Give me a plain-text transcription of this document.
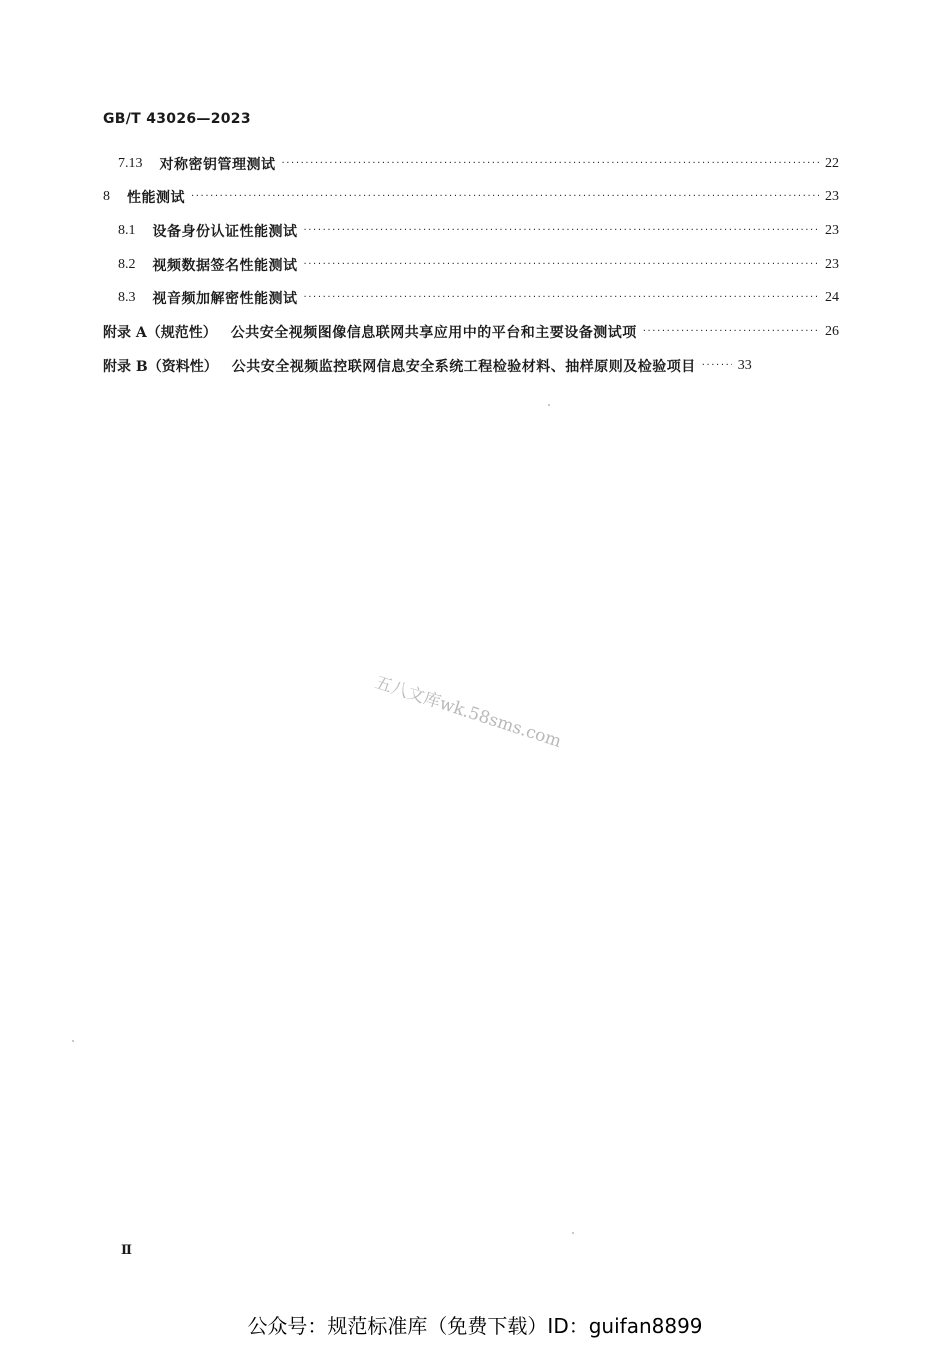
GB/T 43026—2023
7.13 对称密钥管理测试 ·····	22
8 性能测试 ·····	23
8.1 设备身份认证性能测试 ·····	23
8.2 视频数据签名性能测试 ·····	23
8.3 视音频加解密性能测试 ·····	24
附录 A（规范性） 公共安全视频图像信息联网共享应用中的平台和主要设备测试项 ·····	26
附录 B（资料性） 公共安全视频监控联网信息安全系统工程检验材料、抽样原则及检验项目 ·····	33
五八文库wk.58sms.com
Ⅱ
公众号：规范标准库（免费下载）ID：guifan8899
